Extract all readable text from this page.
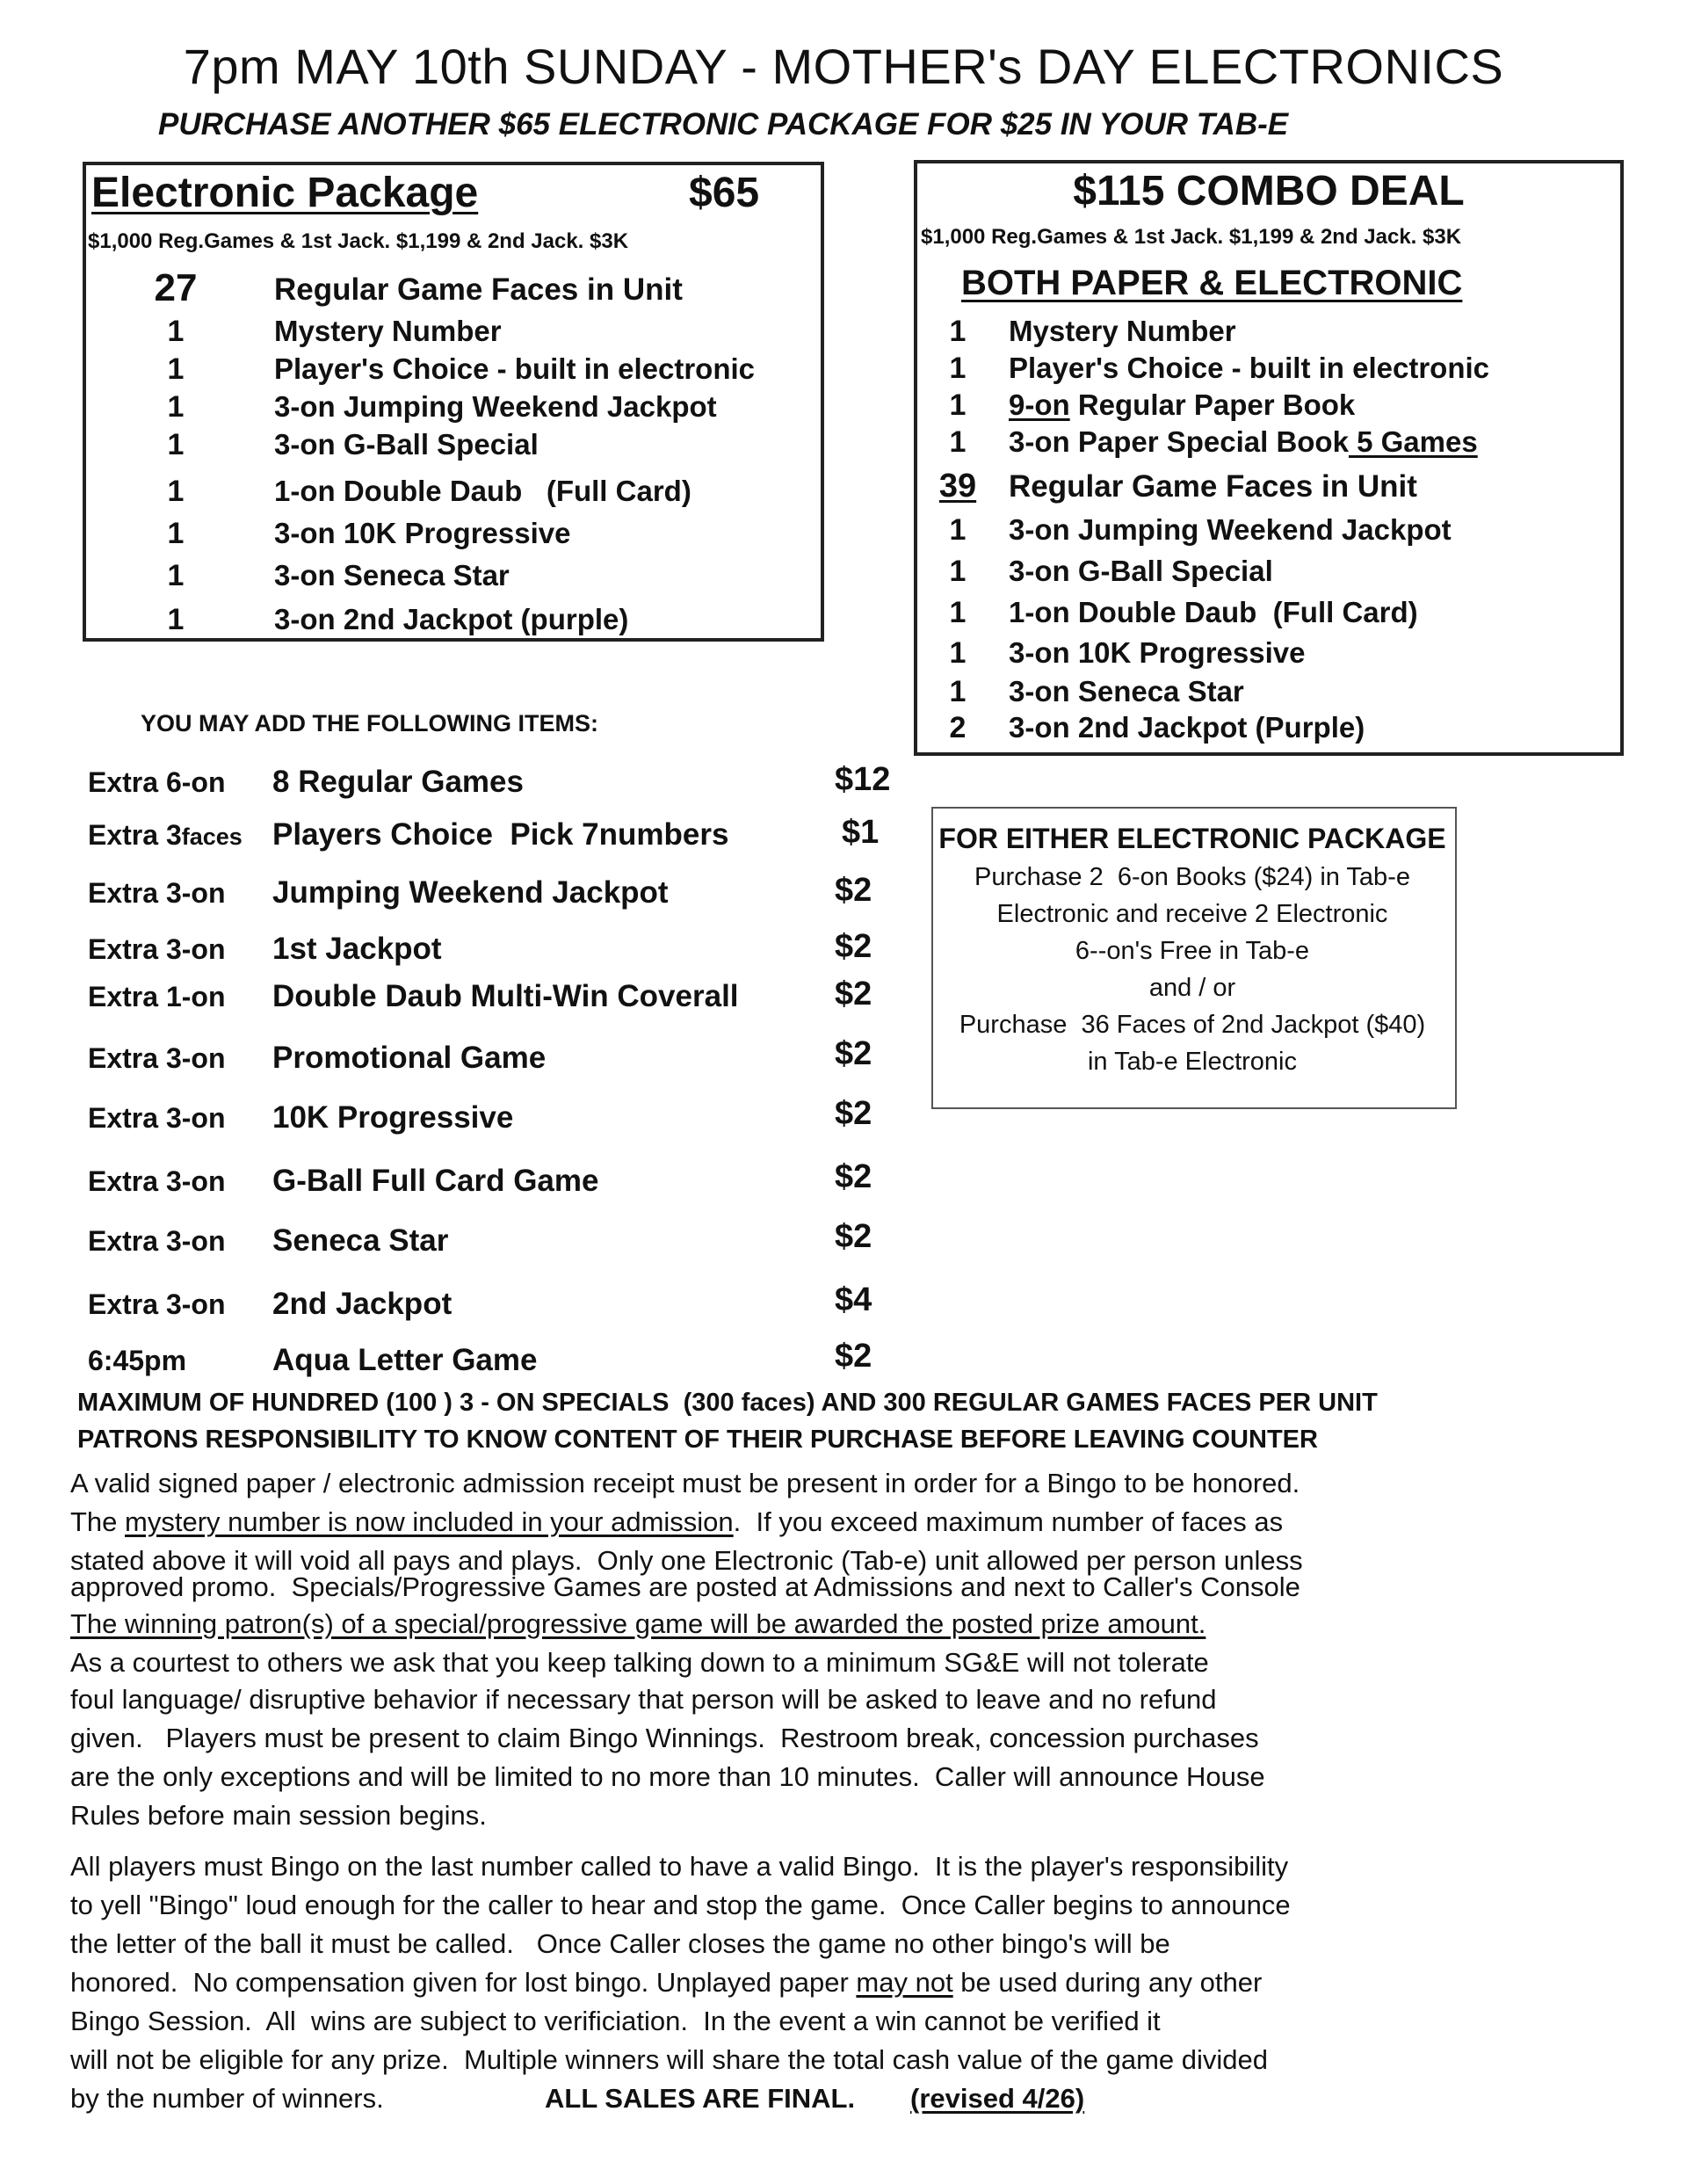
7pm MAY 10th SUNDAY - MOTHER's DAY ELECTRONICS
PURCHASE ANOTHER $65 ELECTRONIC PACKAGE FOR $25 IN YOUR TAB-E
Electronic Package	$65
$1,000 Reg.Games & 1st Jack. $1,199 & 2nd Jack. $3K
27	Regular Game Faces in Unit
1	Mystery Number
1	Player's Choice - built in electronic
1	3-on Jumping Weekend Jackpot
1	3-on G-Ball Special
1	1-on Double Daub   (Full Card)
1	3-on 10K Progressive
1	3-on Seneca Star
1	3-on 2nd Jackpot (purple)
$115 COMBO DEAL
$1,000 Reg.Games & 1st Jack. $1,199 & 2nd Jack. $3K
BOTH PAPER & ELECTRONIC
1	Mystery Number
1	Player's Choice - built in electronic
1	9-on Regular Paper Book
1	3-on Paper Special Book 5 Games
39 Regular Game Faces in Unit
1	3-on Jumping Weekend Jackpot
1	3-on G-Ball Special
1	1-on Double Daub  (Full Card)
1	3-on 10K Progressive
1	3-on Seneca Star
2	3-on 2nd Jackpot (Purple)
YOU MAY ADD THE FOLLOWING ITEMS:
Extra 6-on	8 Regular Games	$12
Extra 3faces Players Choice  Pick 7numbers	$1
Extra 3-on	Jumping Weekend Jackpot	$2
Extra 3-on	1st Jackpot	$2
Extra 1-on	Double Daub Multi-Win Coverall	$2
Extra 3-on	Promotional Game	$2
Extra 3-on	10K Progressive	$2
Extra 3-on	G-Ball Full Card Game	$2
Extra 3-on	Seneca Star	$2
Extra 3-on	2nd Jackpot	$4
6:45pm	Aqua Letter Game	$2
FOR EITHER ELECTRONIC PACKAGE
Purchase 2  6-on Books ($24) in Tab-e
Electronic and receive 2 Electronic
6--on's Free in Tab-e
and / or
Purchase  36 Faces of 2nd Jackpot ($40)
in Tab-e Electronic
MAXIMUM OF HUNDRED (100 ) 3 - ON SPECIALS  (300 faces) AND 300 REGULAR GAMES FACES PER UNIT
PATRONS RESPONSIBILITY TO KNOW CONTENT OF THEIR PURCHASE BEFORE LEAVING COUNTER
A valid signed paper / electronic admission receipt must be present in order for a Bingo to be honored.
The mystery number is now included in your admission.  If you exceed maximum number of faces as
stated above it will void all pays and plays.  Only one Electronic (Tab-e) unit allowed per person unless
approved promo.  Specials/Progressive Games are posted at Admissions and next to Caller's Console
The winning patron(s) of a special/progressive game will be awarded the posted prize amount.
As a courtest to others we ask that you keep talking down to a minimum SG&E will not tolerate
foul language/ disruptive behavior if necessary that person will be asked to leave and no refund
given.   Players must be present to claim Bingo Winnings.  Restroom break, concession purchases
are the only exceptions and will be limited to no more than 10 minutes.  Caller will announce House
Rules before main session begins.
All players must Bingo on the last number called to have a valid Bingo.  It is the player's responsibility
to yell "Bingo" loud enough for the caller to hear and stop the game.  Once Caller begins to announce
the letter of the ball it must be called.   Once Caller closes the game no other bingo's will be
honored.  No compensation given for lost bingo. Unplayed paper may not be used during any other
Bingo Session.  All  wins are subject to verificiation.  In the event a win cannot be verified it
will not be eligible for any prize.  Multiple winners will share the total cash value of the game divided
by the number of winners.	ALL SALES ARE FINAL. (revised 4/26)
